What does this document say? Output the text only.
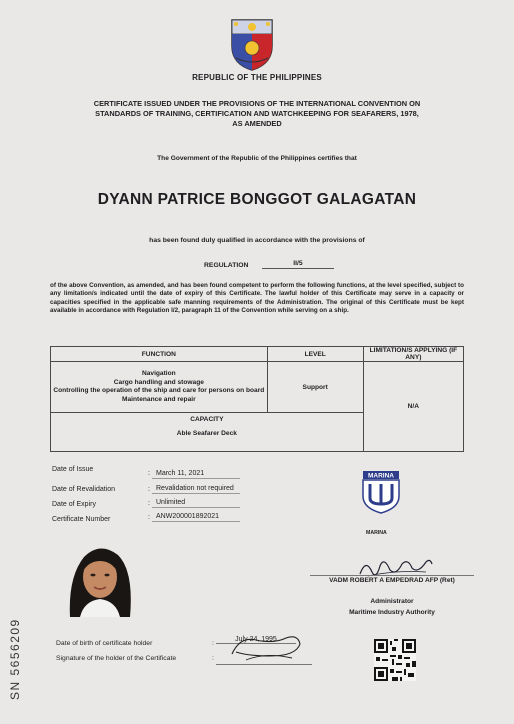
REPUBLIC OF THE PHILIPPINES
CERTIFICATE ISSUED UNDER THE PROVISIONS OF THE INTERNATIONAL CONVENTION ON STANDARDS OF TRAINING, CERTIFICATION AND WATCHKEEPING FOR SEAFARERS, 1978, AS AMENDED
The Government of the Republic of the Philippines certifies that
DYANN PATRICE BONGGOT GALAGATAN
has been found duly qualified in accordance with the provisions of
REGULATION	II/5
of the above Convention, as amended, and has been found competent to perform the following functions, at the level specified, subject to any limitation/s indicated until the date of expiry of this Certificate. The lawful holder of this Certificate may serve in a capacity or capacities specified in the applicable safe manning requirements of the Administration. The original of this Certificate must be kept available in accordance with Regulation I/2, paragraph 11 of the Convention while serving on a ship.
FUNCTION	LEVEL	LIMITATION/S APPLYING (IF ANY)

Navigation
Cargo handling and stowage
Controlling the operation of the ship and care for persons on board
Maintenance and repair	Support	N/A

CAPACITY
Able Seafarer Deck		
Date of Issue
: March 11, 2021
Date of Revalidation	: Revalidation not required
Date of Expiry	: Unlimited
Certificate Number	: ANW200001892021
MARINA
MARINA
VADM ROBERT A EMPEDRAD AFP (Ret)
Administrator
Maritime Industry Authority
Date of birth of certificate holder	:
July 24, 1995
Signature of the holder of the Certificate	:
SN 5656209
